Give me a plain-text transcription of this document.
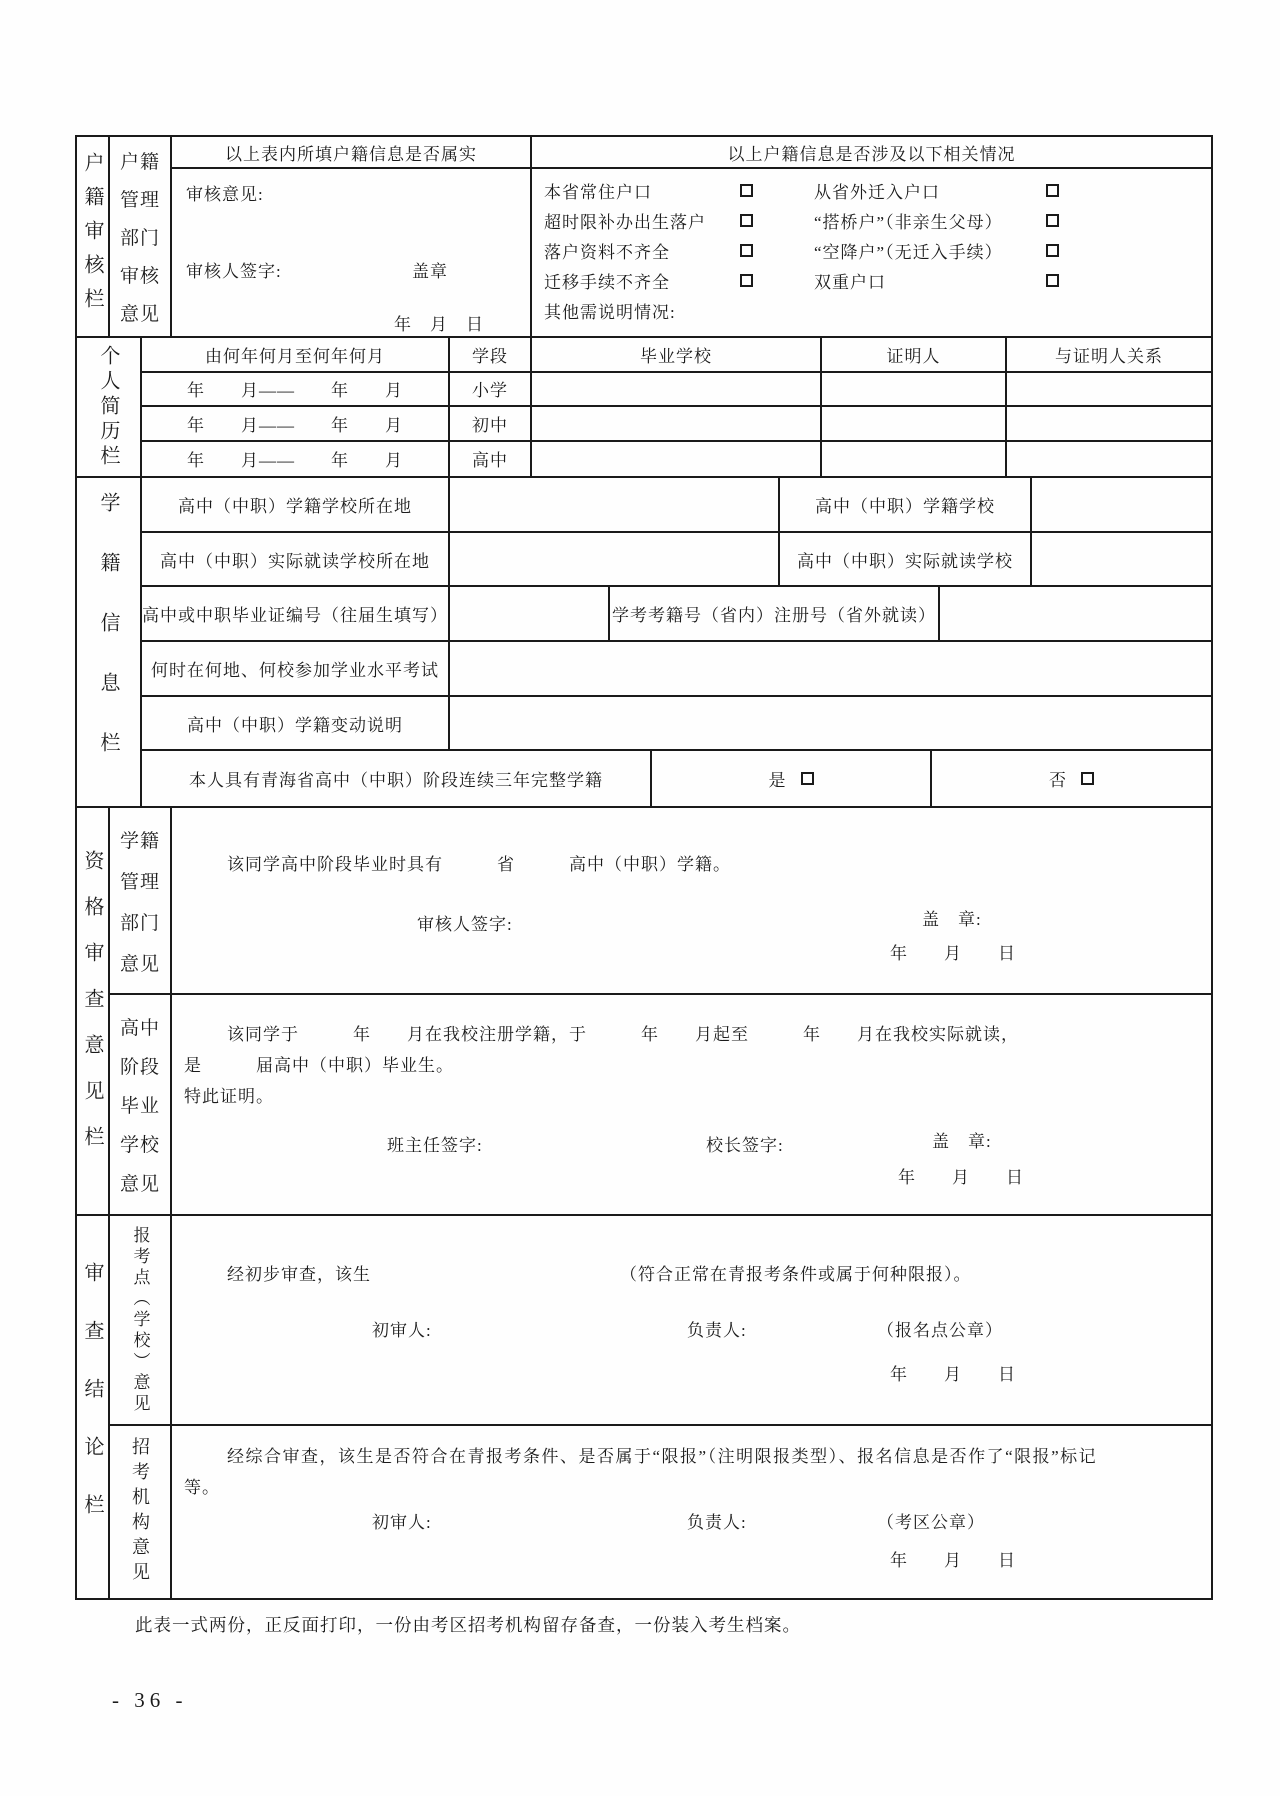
户籍审核栏 户籍
管理
部门
审核
意见
以上表内所填户籍信息是否属实
审核意见:
审核人签字:	盖章
年　月　日
以上户籍信息是否涉及以下相关情况
本省常住户口	从省外迁入户口
超时限补办出生落户	“搭桥户”（非亲生父母）
落户资料不齐全	“空降户”（无迁入手续）
迁移手续不齐全	双重户口
其他需说明情况:
个人简历栏	由何年何月至何年何月	学段	毕业学校	证明人	与证明人关系
年　　月——　　年　　月	小学
年　　月——　　年　　月	初中
年　　月——　　年　　月	高中
学籍信息栏	高中（中职）学籍学校所在地	高中（中职）学籍学校
高中（中职）实际就读学校所在地	高中（中职）实际就读学校
高中或中职毕业证编号（往届生填写）	学考考籍号（省内）注册号（省外就读）
何时在何地、何校参加学业水平考试
高中（中职）学籍变动说明
本人具有青海省高中（中职）阶段连续三年完整学籍	是	否
资格审查意见栏
学籍
管理
部门
意见
该同学高中阶段毕业时具有　　　省　　　高中（中职）学籍。
审核人签字:	盖　章:
年　　月　　日
高中
阶段
毕业
学校
意见
该同学于　　　年　　月在我校注册学籍，于　　　年　　月起至　　　年　　月在我校实际就读，
是　　　届高中（中职）毕业生。
特此证明。
班主任签字:	校长签字:	盖　章:
年　　月　　日
审查结论栏 报考点（学校）意见	经初步审查，该生	（符合正常在青报考条件或属于何种限报）。
初审人:	负责人:	（报名点公章）
年　　月　　日
招考机构意见	经综合审查，该生是否符合在青报考条件、是否属于“限报”（注明限报类型）、报名信息是否作了“限报”标记
等。
初审人:	负责人:	（考区公章）
年　　月　　日
此表一式两份，正反面打印，一份由考区招考机构留存备查，一份装入考生档案。
- 36 -
